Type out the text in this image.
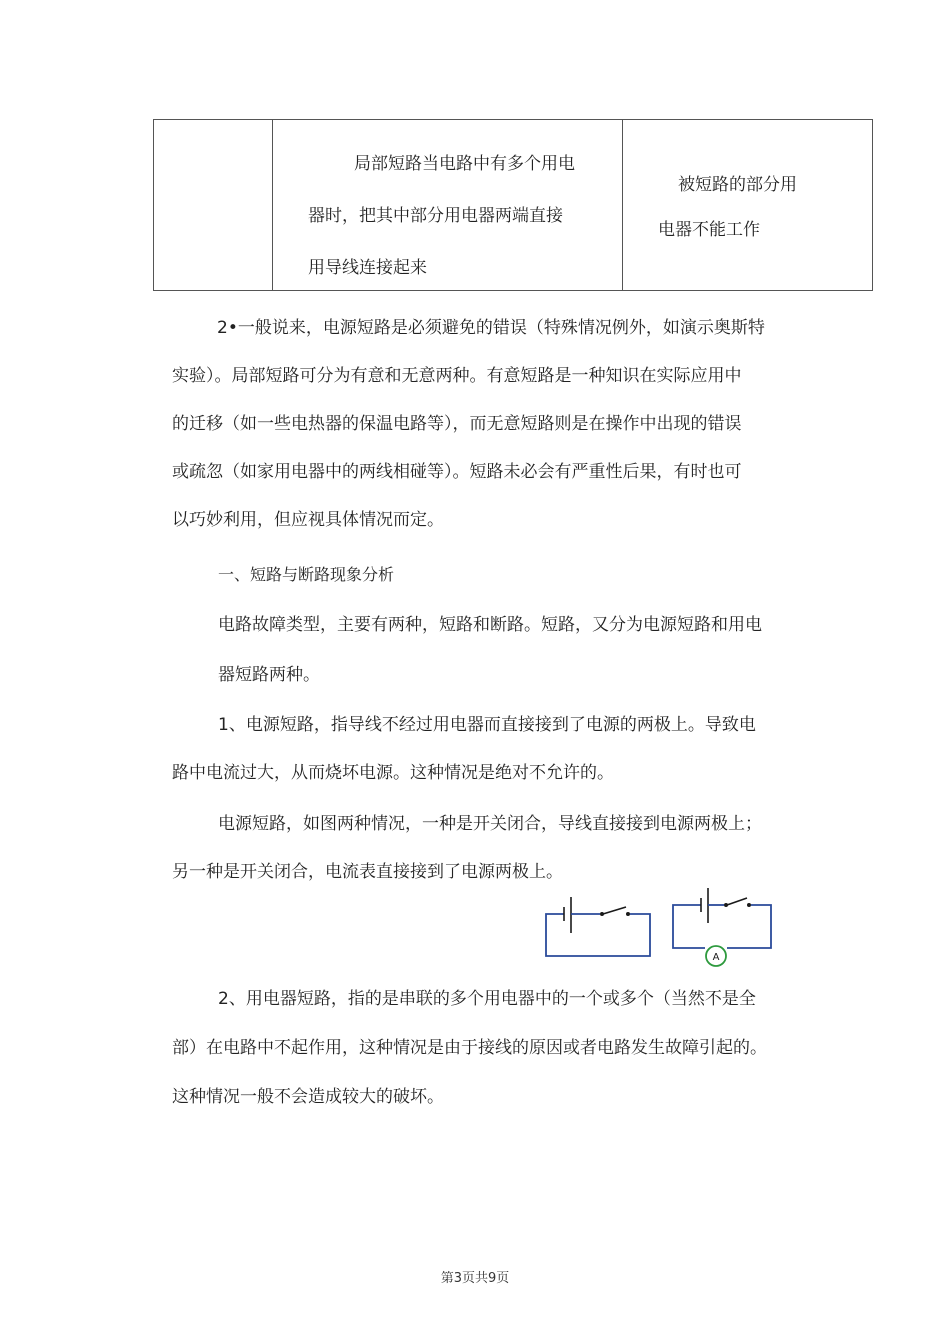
局部短路当电路中有多个用电
器时，把其中部分用电器两端直接
用导线连接起来
被短路的部分用
电器不能工作
2•一般说来，电源短路是必须避免的错误（特殊情况例外，如演示奥斯特
实验）。局部短路可分为有意和无意两种。有意短路是一种知识在实际应用中
的迁移（如一些电热器的保温电路等），而无意短路则是在操作中出现的错误
或疏忽（如家用电器中的两线相碰等）。短路未必会有严重性后果，有时也可
以巧妙利用，但应视具体情况而定。
一、短路与断路现象分析
电路故障类型，主要有两种，短路和断路。短路，又分为电源短路和用电
器短路两种。
1、电源短路，指导线不经过用电器而直接接到了电源的两极上。导致电
路中电流过大，从而烧坏电源。这种情况是绝对不允许的。
电源短路，如图两种情况，一种是开关闭合，导线直接接到电源两极上；
另一种是开关闭合，电流表直接接到了电源两极上。
A
2、用电器短路，指的是串联的多个用电器中的一个或多个（当然不是全
部）在电路中不起作用，这种情况是由于接线的原因或者电路发生故障引起的。
这种情况一般不会造成较大的破坏。
第3页共9页
